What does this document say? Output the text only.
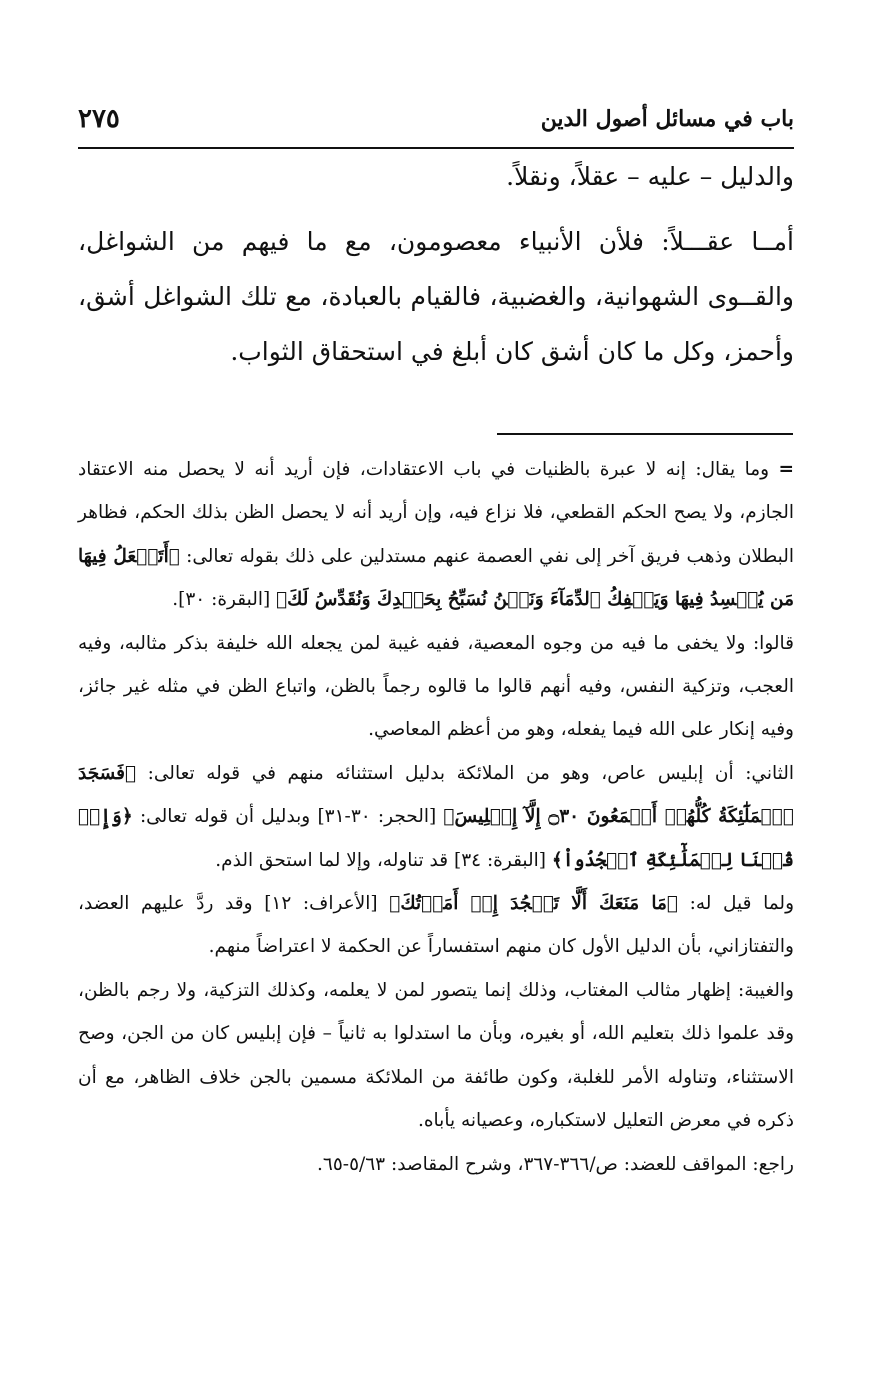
٢٧٥	باب في مسائل أصول الدين

والدليل – عليه – عقلاً، ونقلاً.

أمــا عقـــلاً: فلأن الأنبياء معصومون، مع ما فيهم من الشواغل، والقــوى الشهوانية، والغضبية، فالقيام بالعبادة، مع تلك الشواغل أشق، وأحمز، وكل ما كان أشق كان أبلغ في استحقاق الثواب.

= وما يقال: إنه لا عبرة بالظنيات في باب الاعتقادات، فإن أريد أنه لا يحصل منه الاعتقاد الجازم، ولا يصح الحكم القطعي، فلا نزاع فيه، وإن أريد أنه لا يحصل الظن بذلك الحكم، فظاهر البطلان وذهب فريق آخر إلى نفي العصمة عنهم مستدلين على ذلك بقوله تعالى: ﴿أَتَجۡعَلُ فِيهَا مَن يُفۡسِدُ فِيهَا وَيَسۡفِكُ ٱلدِّمَآءَ وَنَحۡنُ نُسَبِّحُ بِحَمۡدِكَ وَنُقَدِّسُ لَكَ﴾ [البقرة: ٣٠].

قالوا: ولا يخفى ما فيه من وجوه المعصية، ففيه غيبة لمن يجعله الله خليفة بذكر مثالبه، وفيه العجب، وتزكية النفس، وفيه أنهم قالوا ما قالوه رجماً بالظن، واتباع الظن في مثله غير جائز، وفيه إنكار على الله فيما يفعله، وهو من أعظم المعاصي.

الثاني: أن إبليس عاص، وهو من الملائكة بدليل استثنائه منهم في قوله تعالى: ﴿فَسَجَدَ ٱلۡمَلَٰٓئِكَةُ كُلُّهُمۡ أَجۡمَعُونَ ۝٣٠ إِلَّآ إِبۡلِيسَ﴾ [الحجر: ٣٠-٣١] وبدليل أن قوله تعالى: ﴿وَإِذۡ قُلۡنَا لِلۡمَلَٰٓئِكَةِ ٱسۡجُدُواْ﴾ [البقرة: ٣٤] قد تناوله، وإلا لما استحق الذم.

ولما قيل له: ﴿مَا مَنَعَكَ أَلَّا تَسۡجُدَ إِذۡ أَمَرۡتُكَ﴾ [الأعراف: ١٢] وقد ردَّ عليهم العضد، والتفتازاني، بأن الدليل الأول كان منهم استفساراً عن الحكمة لا اعتراضاً منهم.

والغيبة: إظهار مثالب المغتاب، وذلك إنما يتصور لمن لا يعلمه، وكذلك التزكية، ولا رجم بالظن، وقد علموا ذلك بتعليم الله، أو بغيره، وبأن ما استدلوا به ثانياً – فإن إبليس كان من الجن، وصح الاستثناء، وتناوله الأمر للغلبة، وكون طائفة من الملائكة مسمين بالجن خلاف الظاهر، مع أن ذكره في معرض التعليل لاستكباره، وعصيانه يأباه.

راجع: المواقف للعضد: ص/٣٦٦-٣٦٧، وشرح المقاصد: ٥/٦٣-٦٥.
